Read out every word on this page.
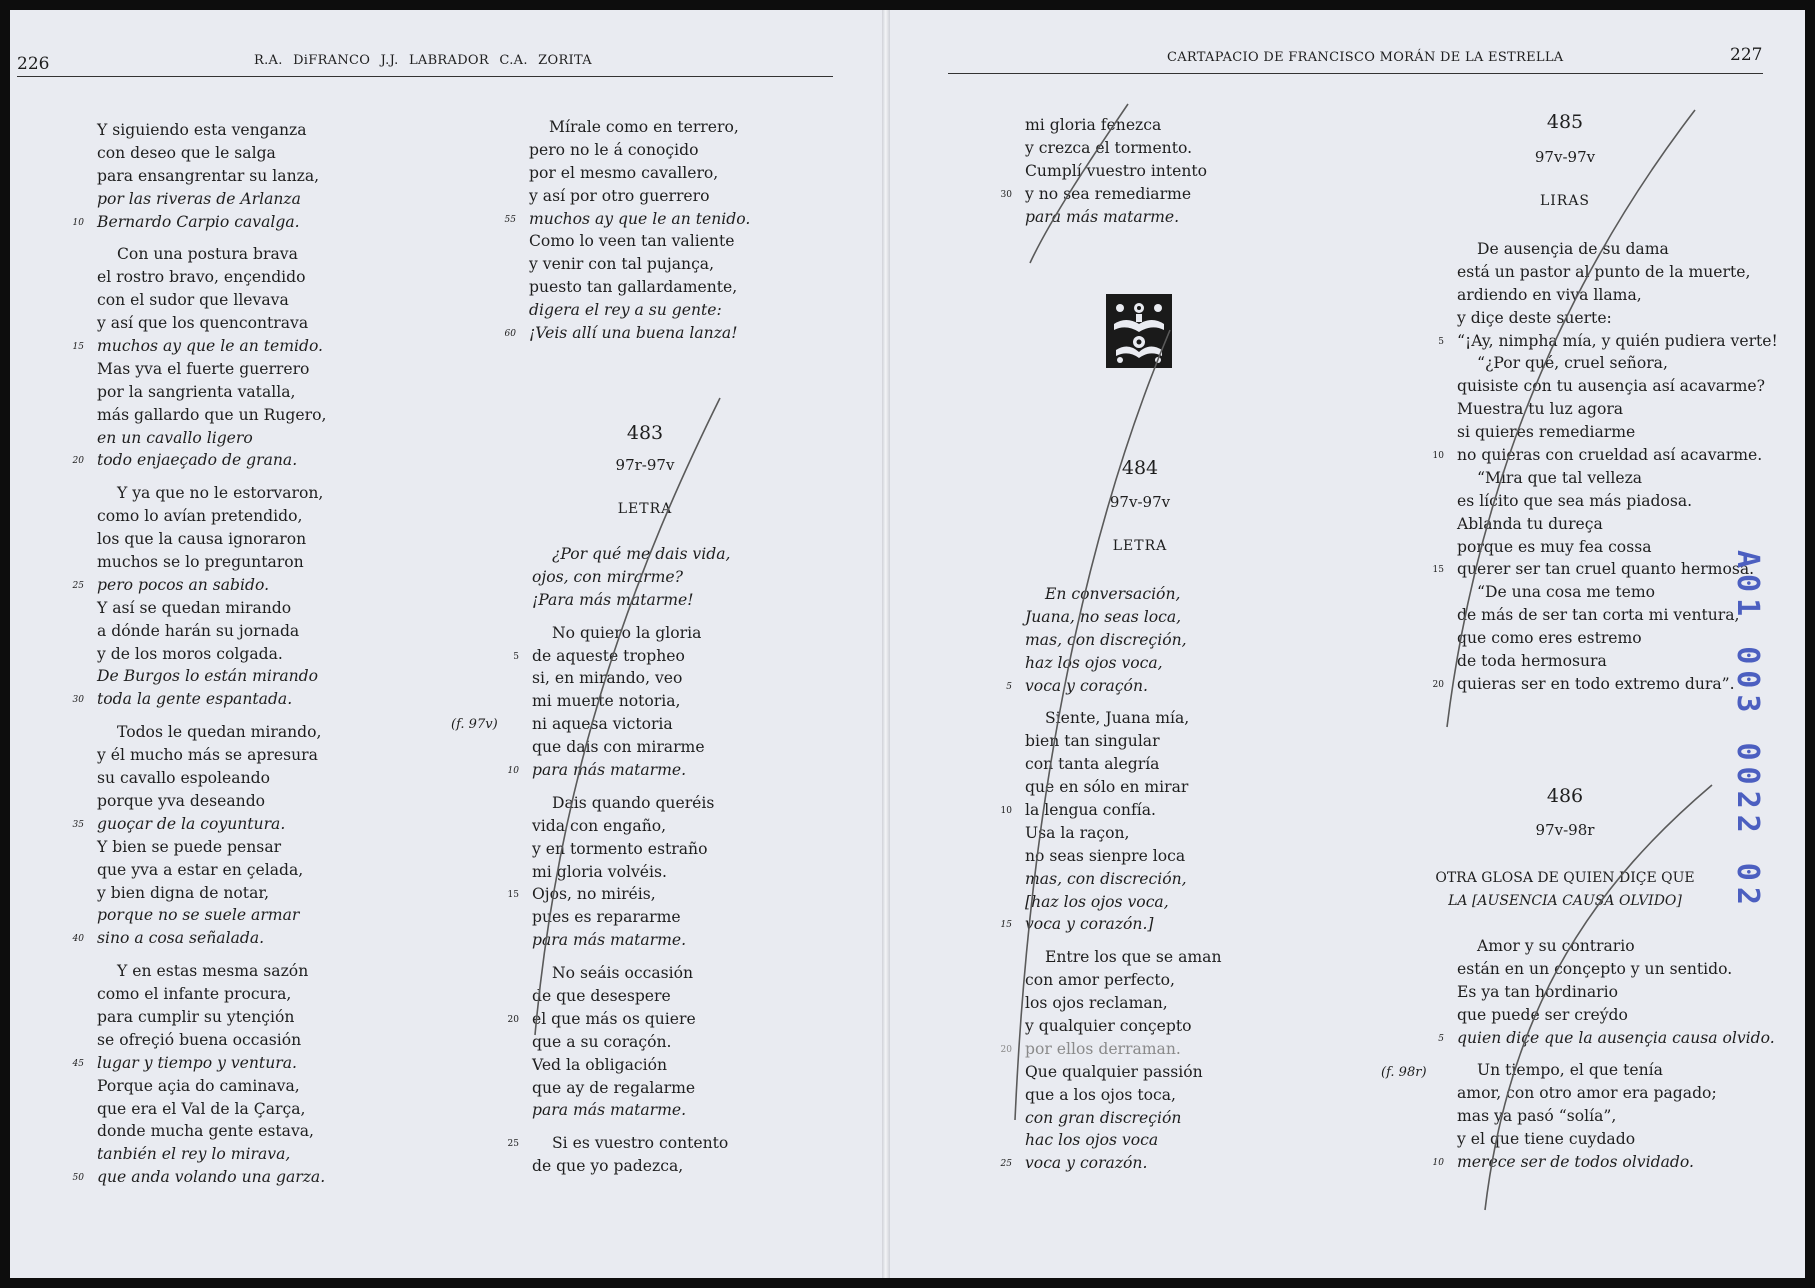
226	R.A. DiFRANCO J.J. LABRADOR C.A. ZORITA	CARTAPACIO DE FRANCISCO MORÁN DE LA ESTRELLA	227
Y siguiendo esta venganza
con deseo que le salga
para ensangrentar su lanza,
por las riveras de Arlanza
Bernardo Carpio cavalga.
10
Con una postura brava
el rostro bravo, ençendido
con el sudor que llevava
y así que los quencontrava
muchos ay que le an temido.
15
Mas yva el fuerte guerrero
por la sangrienta vatalla,
más gallardo que un Rugero,
en un cavallo ligero
todo enjaeçado de grana.
20
Y ya que no le estorvaron,
como lo avían pretendido,
los que la causa ignoraron
muchos se lo preguntaron
pero pocos an sabido.
25
Y así se quedan mirando
a dónde harán su jornada
y de los moros colgada.
De Burgos lo están mirando
toda la gente espantada.
30
Todos le quedan mirando,
y él mucho más se apresura
su cavallo espoleando
porque yva deseando
guoçar de la coyuntura.
35
Y bien se puede pensar
que yva a estar en çelada,
y bien digna de notar,
porque no se suele armar
sino a cosa señalada.
40
Y en estas mesma sazón
como el infante procura,
para cumplir su ytençión
se ofreçió buena occasión
lugar y tiempo y ventura.
45
Porque açia do caminava,
que era el Val de la Çarça,
donde mucha gente estava,
tanbién el rey lo mirava,
que anda volando una garza.
50
Mírale como en terrero,
pero no le á conoçido
por el mesmo cavallero,
y así por otro guerrero
muchos ay que le an tenido.
55
Como lo veen tan valiente
y venir con tal pujança,
puesto tan gallardamente,
digera el rey a su gente:
¡Veis allí una buena lanza!
60
483
97r-97v
LETRA
¿Por qué me dais vida,
ojos, con mirarme?
¡Para más matarme!
No quiero la gloria
de aqueste tropheo
5
si, en mirando, veo
mi muerte notoria,
ni aquesa victoria
que dais con mirarme
para más matarme.
10
Dais quando queréis
vida con engaño,
y en tormento estraño
mi gloria volvéis.
Ojos, no miréis,
15
pues es repararme
para más matarme.
No seáis occasión
de que desespere
el que más os quiere
20
que a su coraçón.
Ved la obligación
que ay de regalarme
para más matarme.
Si es vuestro contento
25
de que yo padezca,
(f. 97v)
mi gloria fenezca
y crezca el tormento.
Cumplí vuestro intento
y no sea remediarme
30
para más matarme.
484
97v-97v
LETRA
En conversación,
Juana, no seas loca,
mas, con discreçión,
haz los ojos voca,
voca y coraçón.
5
Siente, Juana mía,
bien tan singular
con tanta alegría
que en sólo en mirar
la lengua confía.
10
Usa la raçon,
no seas sienpre loca
mas, con discreción,
[haz los ojos voca,
voca y corazón.]
15
Entre los que se aman
con amor perfecto,
los ojos reclaman,
y qualquier conçepto
por ellos derraman.
20
Que qualquier passión
que a los ojos toca,
con gran discreçión
hac los ojos voca
voca y corazón.
25
485
97v-97v
LIRAS
De ausençia de su dama
está un pastor al punto de la muerte,
ardiendo en viva llama,
y diçe deste suerte:
“¡Ay, nimpha mía, y quién pudiera verte!
5
“¿Por qué, cruel señora,
quisiste con tu ausençia así acavarme?
Muestra tu luz agora
si quieres remediarme
no quieras con crueldad así acavarme.
10
“Mira que tal velleza
es lícito que sea más piadosa.
Ablanda tu dureça
porque es muy fea cossa
querer ser tan cruel quanto hermosa.
15
“De una cosa me temo
de más de ser tan corta mi ventura,
que como eres estremo
de toda hermosura
quieras ser en todo extremo dura”.
20
486
97v-98r
OTRA GLOSA DE QUIEN DIÇE QUE
LA [AUSENCIA CAUSA OLVIDO]
Amor y su contrario
están en un conçepto y un sentido.
Es ya tan hordinario
que puede ser creýdo
quien diçe que la ausençia causa olvido.
5
Un tiempo, el que tenía
amor, con otro amor era pagado;
mas ya pasó “solía”,
y el que tiene cuydado
merece ser de todos olvidado.
10
(f. 98r)
A01 003 0022 02
